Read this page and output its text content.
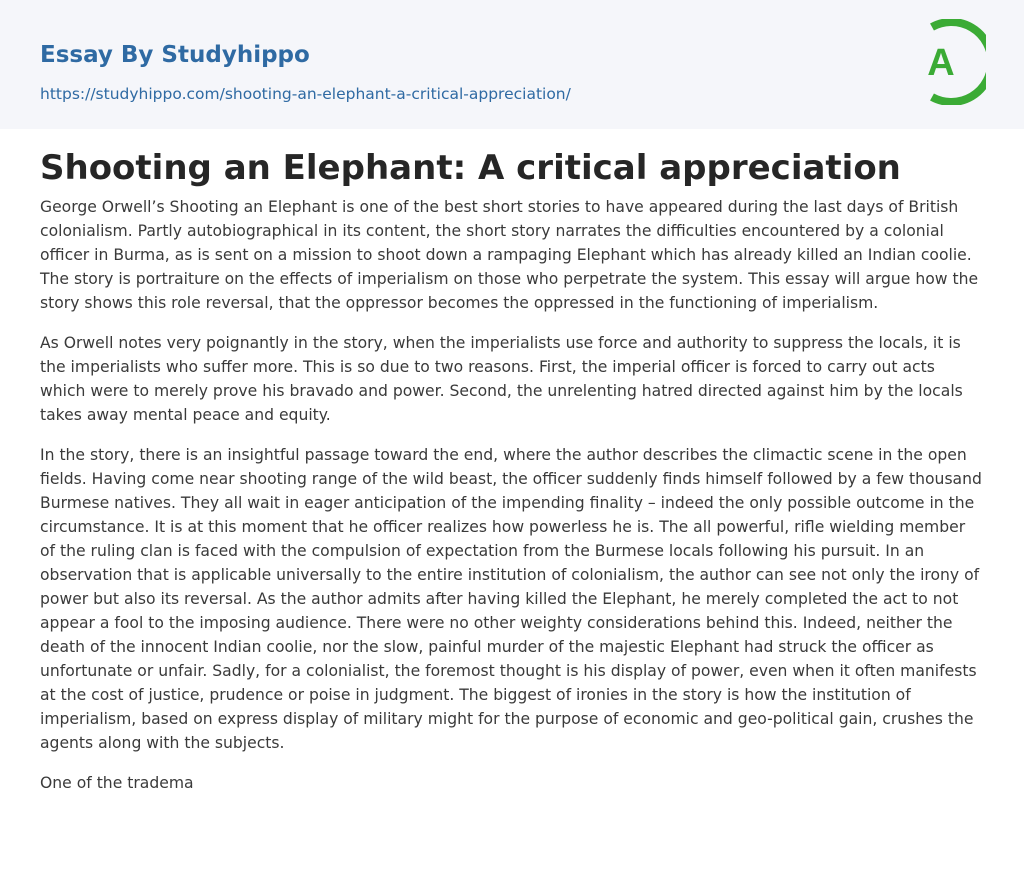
Essay By Studyhippo
https://studyhippo.com/shooting-an-elephant-a-critical-appreciation/
A
Shooting an Elephant: A critical appreciation

George Orwell’s Shooting an Elephant is one of the best short stories to have appeared during the last days of British colonialism. Partly autobiographical in its content, the short story narrates the difficulties encountered by a colonial officer in Burma, as is sent on a mission to shoot down a rampaging Elephant which has already killed an Indian coolie. The story is portraiture on the effects of imperialism on those who perpetrate the system. This essay will argue how the story shows this role reversal, that the oppressor becomes the oppressed in the functioning of imperialism.

As Orwell notes very poignantly in the story, when the imperialists use force and authority to suppress the locals, it is the imperialists who suffer more. This is so due to two reasons. First, the imperial officer is forced to carry out acts which were to merely prove his bravado and power. Second, the unrelenting hatred directed against him by the locals takes away mental peace and equity.

In the story, there is an insightful passage toward the end, where the author describes the climactic scene in the open fields. Having come near shooting range of the wild beast, the officer suddenly finds himself followed by a few thousand Burmese natives. They all wait in eager anticipation of the impending finality – indeed the only possible outcome in the circumstance. It is at this moment that he officer realizes how powerless he is. The all powerful, rifle wielding member of the ruling clan is faced with the compulsion of expectation from the Burmese locals following his pursuit. In an observation that is applicable universally to the entire institution of colonialism, the author can see not only the irony of power but also its reversal. As the author admits after having killed the Elephant, he merely completed the act to not appear a fool to the imposing audience. There were no other weighty considerations behind this. Indeed, neither the death of the innocent Indian coolie, nor the slow, painful murder of the majestic Elephant had struck the officer as unfortunate or unfair. Sadly, for a colonialist, the foremost thought is his display of power, even when it often manifests at the cost of justice, prudence or poise in judgment. The biggest of ironies in the story is how the institution of imperialism, based on express display of military might for the purpose of economic and geo-political gain, crushes the agents along with the subjects.

One of the tradema
